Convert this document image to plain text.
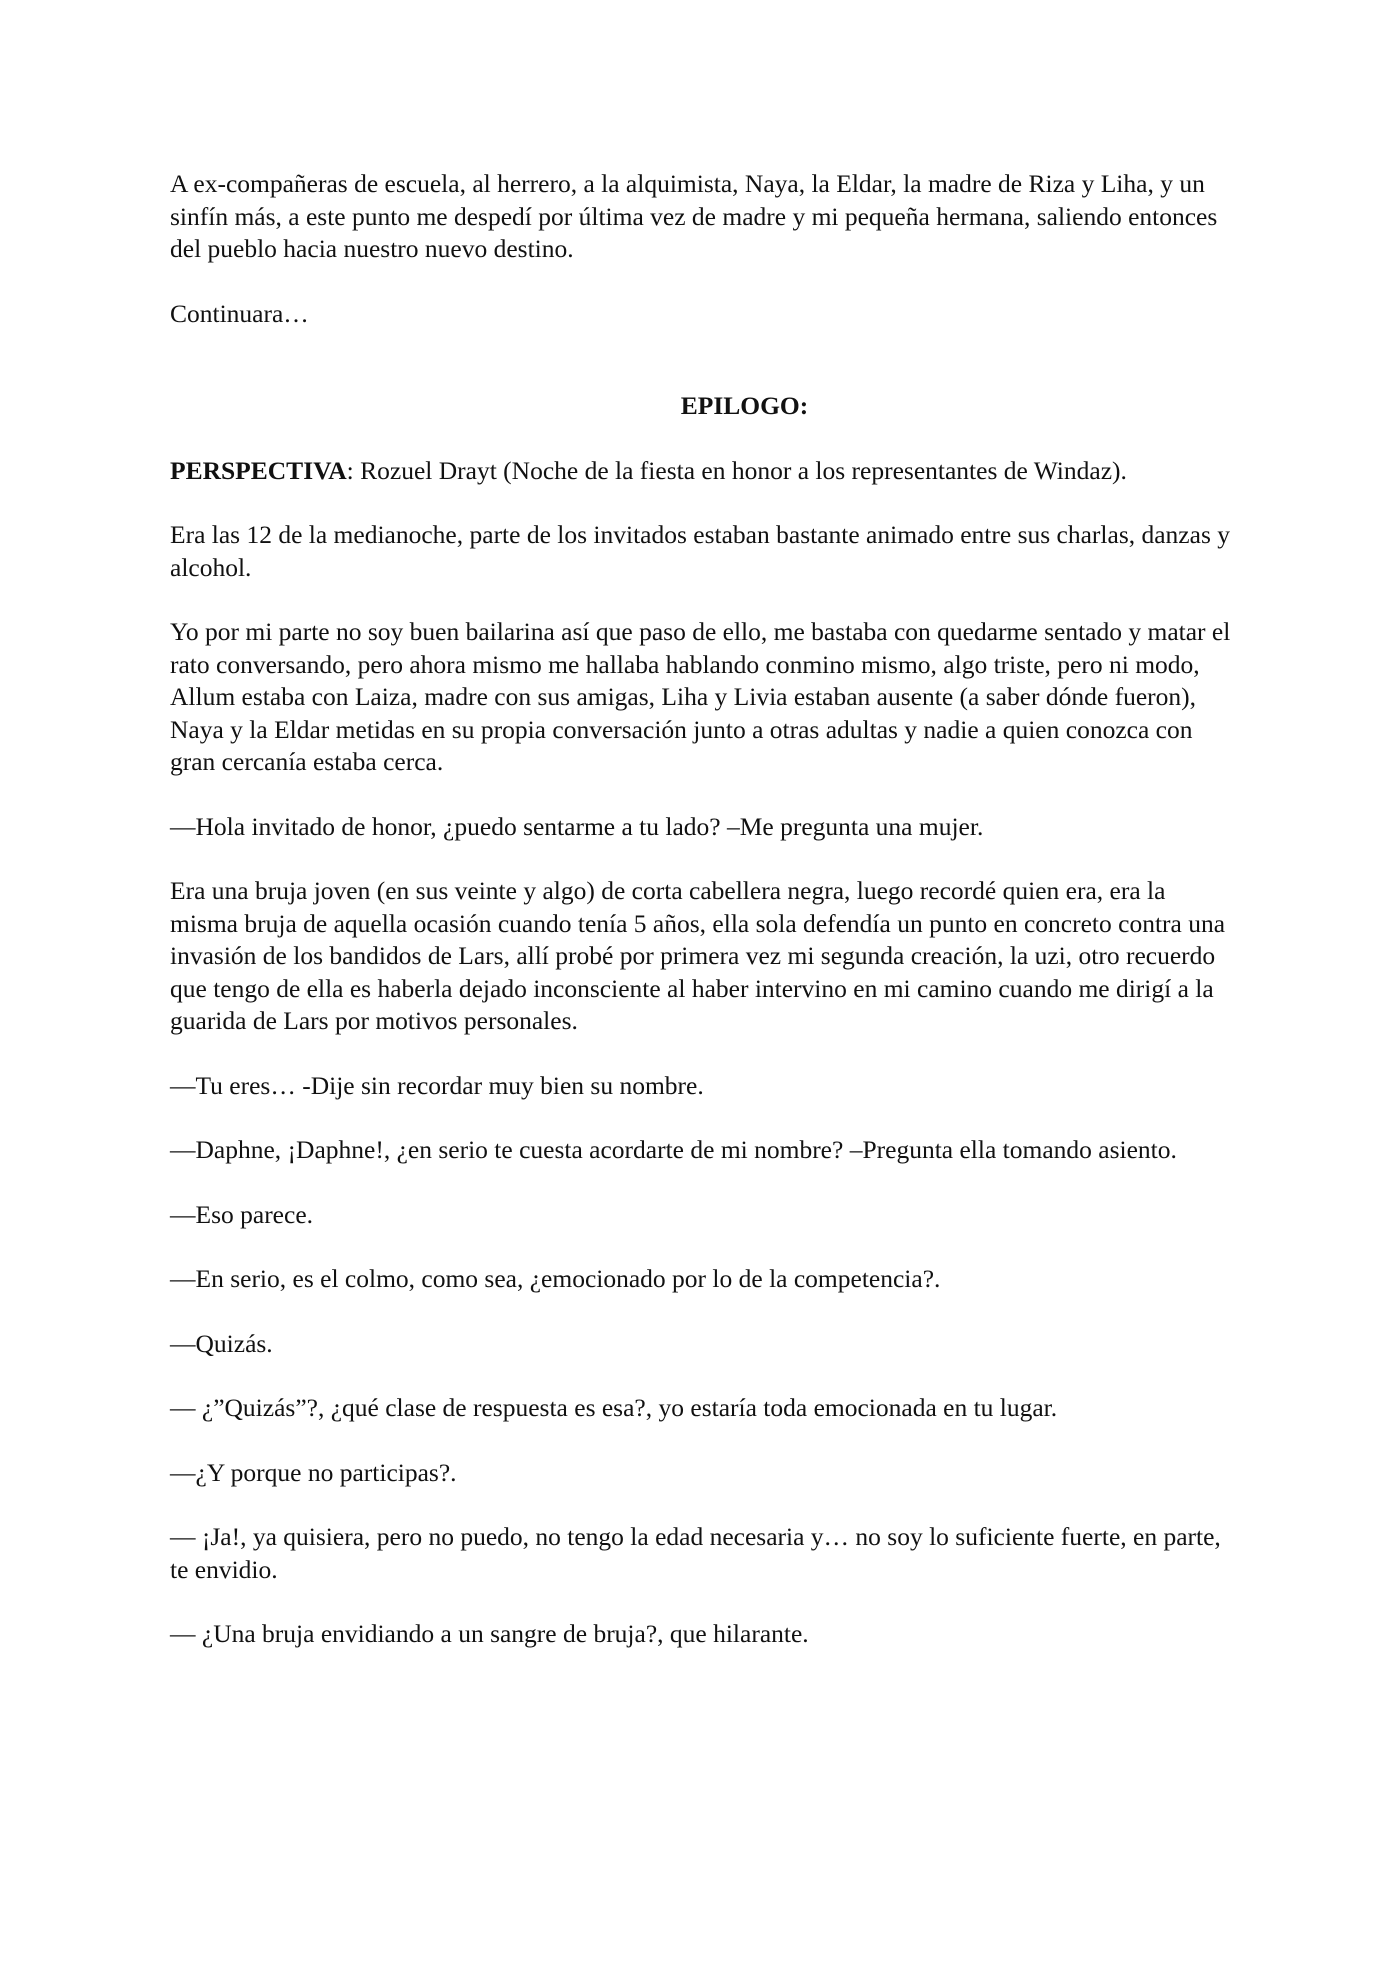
A ex-compañeras de escuela, al herrero, a la alquimista, Naya, la Eldar, la madre de Riza y Liha, y un sinfín más, a este punto me despedí por última vez de madre y mi pequeña hermana, saliendo entonces del pueblo hacia nuestro nuevo destino.

Continuara…

EPILOGO:

PERSPECTIVA: Rozuel Drayt (Noche de la fiesta en honor a los representantes de Windaz).

Era las 12 de la medianoche, parte de los invitados estaban bastante animado entre sus charlas, danzas y alcohol.

Yo por mi parte no soy buen bailarina así que paso de ello, me bastaba con quedarme sentado y matar el rato conversando, pero ahora mismo me hallaba hablando conmino mismo, algo triste, pero ni modo, Allum estaba con Laiza, madre con sus amigas, Liha y Livia estaban ausente (a saber dónde fueron), Naya y la Eldar metidas en su propia conversación junto a otras adultas y nadie a quien conozca con gran cercanía estaba cerca.

—Hola invitado de honor, ¿puedo sentarme a tu lado? –Me pregunta una mujer.

Era una bruja joven (en sus veinte y algo) de corta cabellera negra, luego recordé quien era, era la misma bruja de aquella ocasión cuando tenía 5 años, ella sola defendía un punto en concreto contra una invasión de los bandidos de Lars, allí probé por primera vez mi segunda creación, la uzi, otro recuerdo que tengo de ella es haberla dejado inconsciente al haber intervino en mi camino cuando me dirigí a la guarida de Lars por motivos personales.

—Tu eres… -Dije sin recordar muy bien su nombre.

—Daphne, ¡Daphne!, ¿en serio te cuesta acordarte de mi nombre? –Pregunta ella tomando asiento.

—Eso parece.

—En serio, es el colmo, como sea, ¿emocionado por lo de la competencia?.

—Quizás.

— ¿”Quizás”?, ¿qué clase de respuesta es esa?, yo estaría toda emocionada en tu lugar.

—¿Y porque no participas?.

— ¡Ja!, ya quisiera, pero no puedo, no tengo la edad necesaria y… no soy lo suficiente fuerte, en parte, te envidio.

— ¿Una bruja envidiando a un sangre de bruja?, que hilarante.
